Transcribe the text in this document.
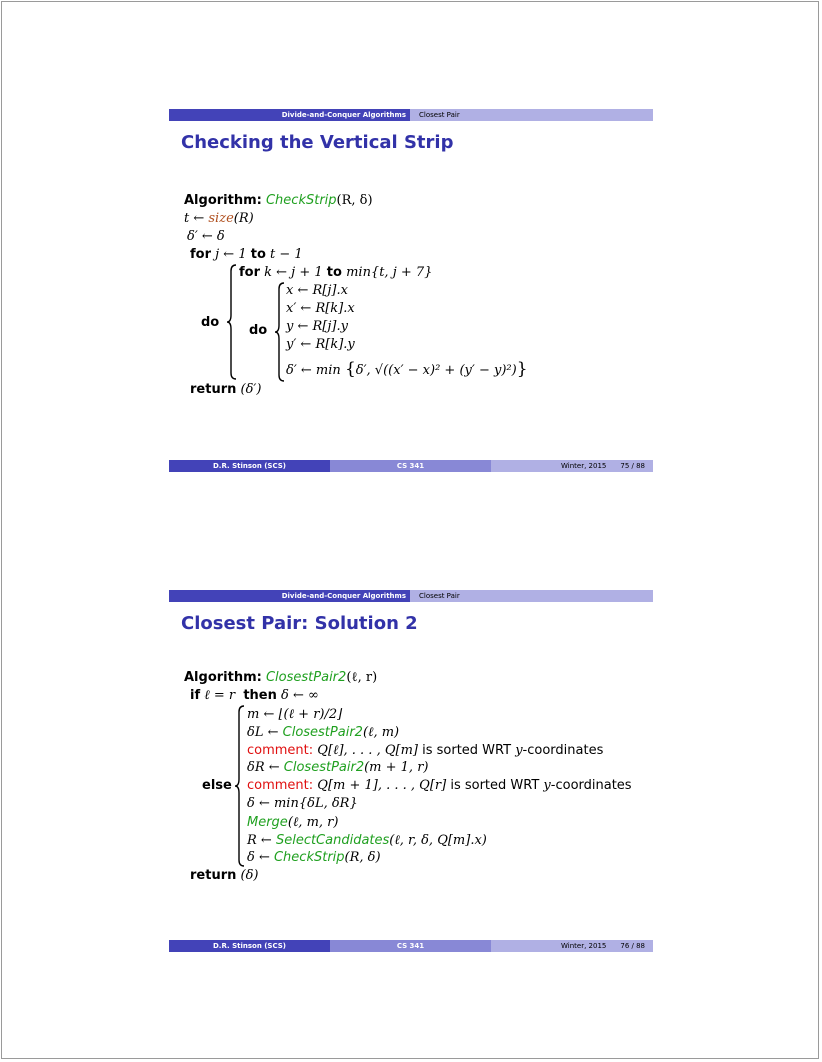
Divide-and-Conquer Algorithms	Closest Pair
Checking the Vertical Strip
Algorithm: CheckStrip(R, δ)
t ← size(R)
δ′ ← δ
for j ← 1 to t − 1
do
for k ← j + 1 to min{t, j + 7}
do
x ← R[j].x
x′ ← R[k].x
y ← R[j].y
y′ ← R[k].y
δ′ ← min {δ′, √((x′ − x)² + (y′ − y)²)}
return (δ′)
D.R. Stinson (SCS)	CS 341	Winter, 2015 75 / 88
Divide-and-Conquer Algorithms	Closest Pair
Closest Pair: Solution 2
Algorithm: ClosestPair2(ℓ, r)
if ℓ = r then δ ← ∞
else
m ← ⌊(ℓ + r)/2⌋
δL ← ClosestPair2(ℓ, m)
comment: Q[ℓ], . . . , Q[m] is sorted WRT y-coordinates
δR ← ClosestPair2(m + 1, r)
comment: Q[m + 1], . . . , Q[r] is sorted WRT y-coordinates
δ ← min{δL, δR}
Merge(ℓ, m, r)
R ← SelectCandidates(ℓ, r, δ, Q[m].x)
δ ← CheckStrip(R, δ)
return (δ)
D.R. Stinson (SCS)	CS 341	Winter, 2015 76 / 88
